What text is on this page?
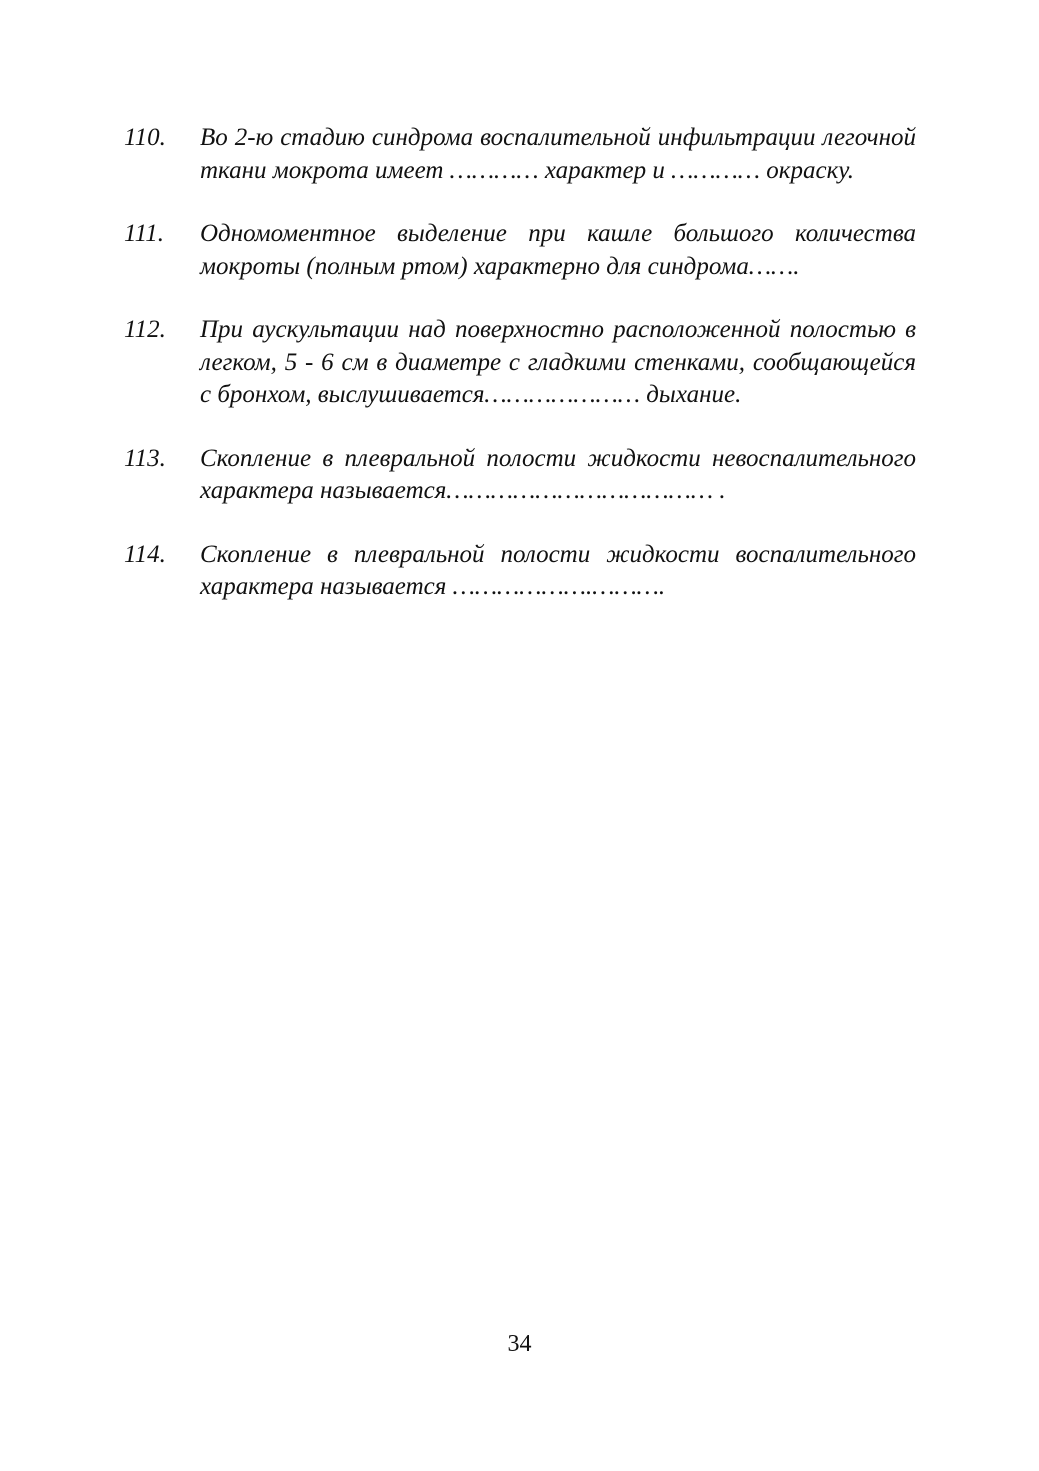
110.	Во 2-ю стадию синдрома воспалительной инфильтрации легочной ткани мокрота имеет ………… характер и ………… окраску.
111.	Одномоментное выделение при кашле большого количества мокроты (полным ртом) характерно для синдрома…….
112.	При аускультации над поверхностно расположенной полостью в легком, 5 - 6 см в диаметре с гладкими стенками, сообщающейся с бронхом, выслушивается………………… дыхание.
113.	Скопление в плевральной полости жидкости невоспалительного характера называется……………………………… .
114.	Скопление в плевральной полости жидкости воспалительного характера называется ……………….……….
34
